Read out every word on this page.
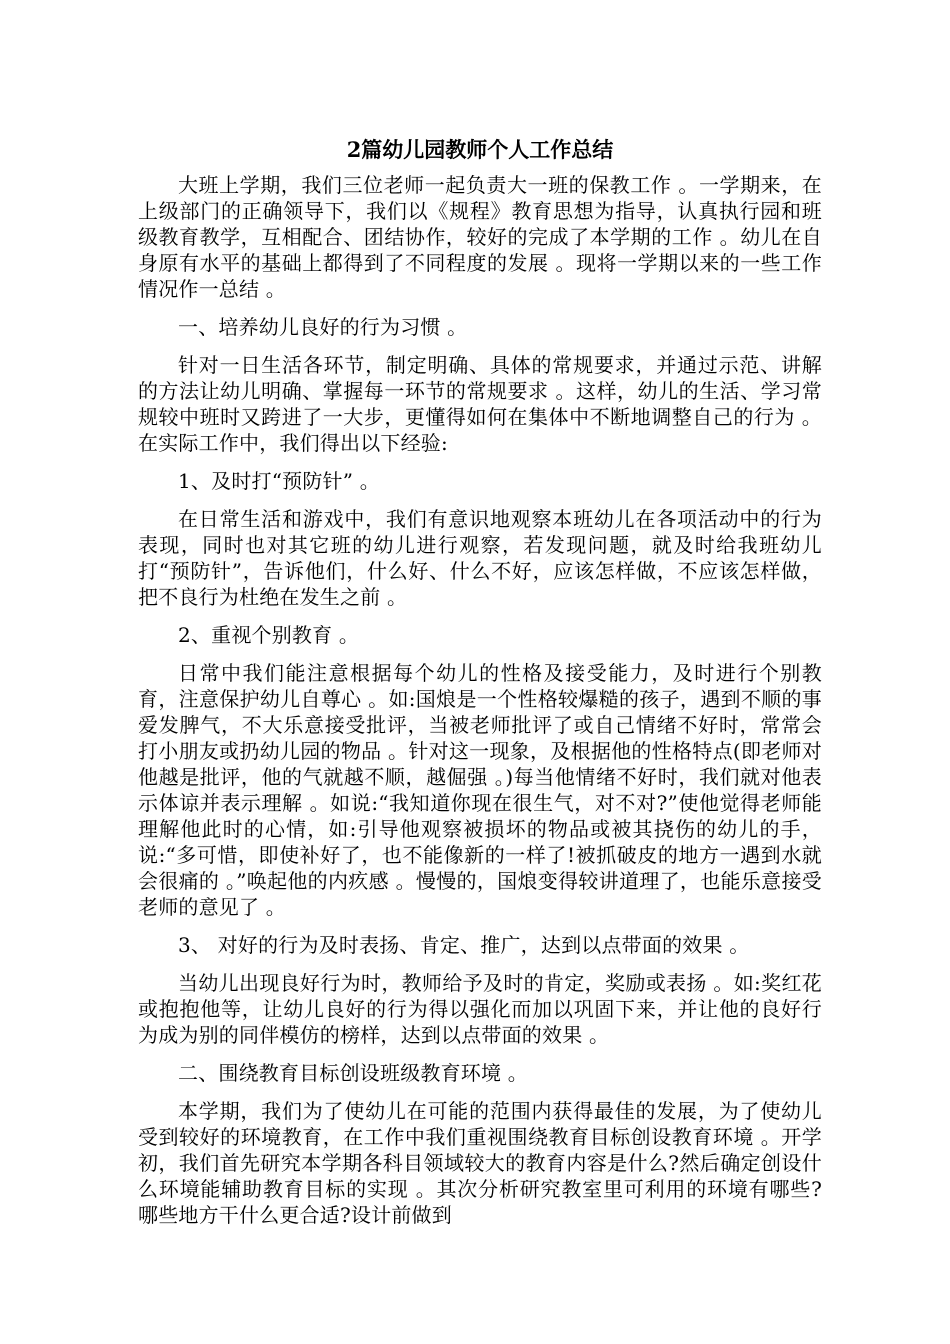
2篇幼儿园教师个人工作总结

大班上学期，我们三位老师一起负责大一班的保教工作 。一学期来，在上级部门的正确领导下，我们以《规程》教育思想为指导，认真执行园和班级教育教学，互相配合、团结协作，较好的完成了本学期的工作 。幼儿在自身原有水平的基础上都得到了不同程度的发展 。现将一学期以来的一些工作情况作一总结 。

一、培养幼儿良好的行为习惯 。

针对一日生活各环节，制定明确、具体的常规要求，并通过示范、讲解的方法让幼儿明确、掌握每一环节的常规要求 。这样，幼儿的生活、学习常规较中班时又跨进了一大步，更懂得如何在集体中不断地调整自己的行为 。在实际工作中，我们得出以下经验:

1、及时打“预防针” 。

在日常生活和游戏中，我们有意识地观察本班幼儿在各项活动中的行为表现，同时也对其它班的幼儿进行观察，若发现问题，就及时给我班幼儿打“预防针”，告诉他们，什么好、什么不好，应该怎样做，不应该怎样做，把不良行为杜绝在发生之前 。

2、重视个别教育 。

日常中我们能注意根据每个幼儿的性格及接受能力，及时进行个别教育，注意保护幼儿自尊心 。如:国烺是一个性格较爆糙的孩子，遇到不顺的事爱发脾气，不大乐意接受批评，当被老师批评了或自己情绪不好时，常常会打小朋友或扔幼儿园的物品 。针对这一现象，及根据他的性格特点(即老师对他越是批评，他的气就越不顺，越倔强 。)每当他情绪不好时，我们就对他表示体谅并表示理解 。如说:“我知道你现在很生气，对不对?”使他觉得老师能理解他此时的心情，如:引导他观察被损坏的物品或被其挠伤的幼儿的手，说:“多可惜，即使补好了，也不能像新的一样了!被抓破皮的地方一遇到水就会很痛的 。”唤起他的内疚感 。慢慢的，国烺变得较讲道理了，也能乐意接受老师的意见了 。

3、 对好的行为及时表扬、肯定、推广，达到以点带面的效果 。

当幼儿出现良好行为时，教师给予及时的肯定，奖励或表扬 。如:奖红花或抱抱他等，让幼儿良好的行为得以强化而加以巩固下来，并让他的良好行为成为别的同伴模仿的榜样，达到以点带面的效果 。

二、围绕教育目标创设班级教育环境 。

本学期，我们为了使幼儿在可能的范围内获得最佳的发展，为了使幼儿受到较好的环境教育，在工作中我们重视围绕教育目标创设教育环境 。开学初，我们首先研究本学期各科目领域较大的教育内容是什么?然后确定创设什么环境能辅助教育目标的实现 。其次分析研究教室里可利用的环境有哪些?哪些地方干什么更合适?设计前做到
